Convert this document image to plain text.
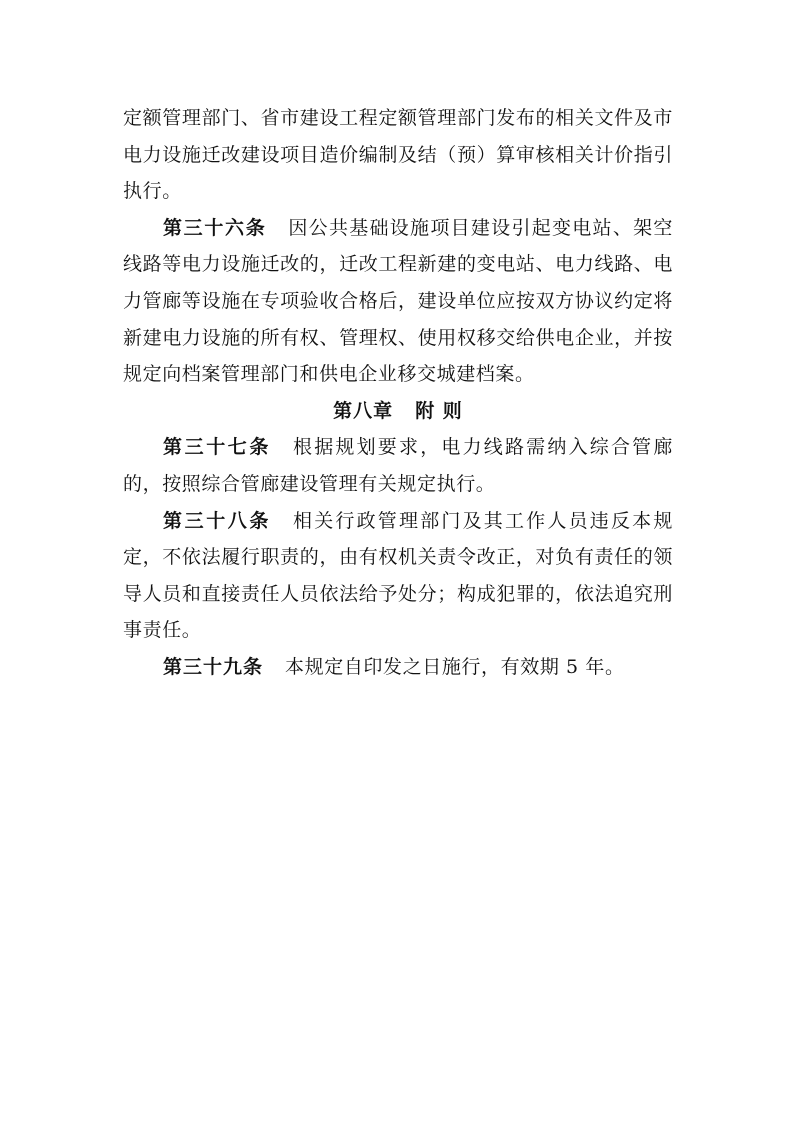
定额管理部门、省市建设工程定额管理部门发布的相关文件及市电力设施迁改建设项目造价编制及结（预）算审核相关计价指引执行。

第三十六条 因公共基础设施项目建设引起变电站、架空线路等电力设施迁改的，迁改工程新建的变电站、电力线路、电力管廊等设施在专项验收合格后，建设单位应按双方协议约定将新建电力设施的所有权、管理权、使用权移交给供电企业，并按规定向档案管理部门和供电企业移交城建档案。

第八章 附 则

第三十七条 根据规划要求，电力线路需纳入综合管廊的，按照综合管廊建设管理有关规定执行。

第三十八条 相关行政管理部门及其工作人员违反本规定，不依法履行职责的，由有权机关责令改正，对负有责任的领导人员和直接责任人员依法给予处分；构成犯罪的，依法追究刑事责任。

第三十九条 本规定自印发之日施行，有效期 5 年。
